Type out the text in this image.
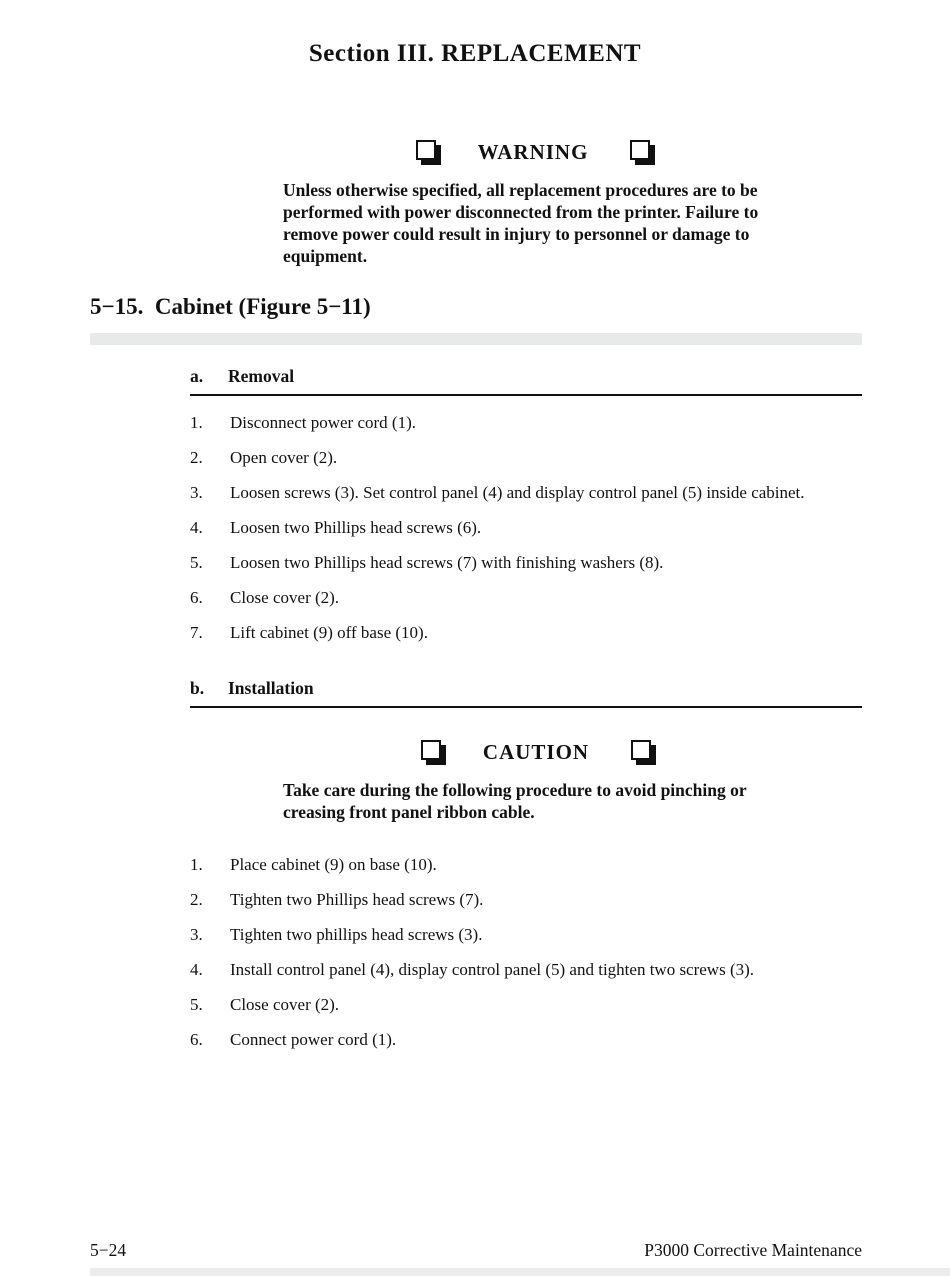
Section III. REPLACEMENT
WARNING
Unless otherwise specified, all replacement procedures are to be performed with power disconnected from the printer. Failure to remove power could result in injury to personnel or damage to equipment.
5−15.  Cabinet (Figure 5−11)
a. Removal
1.	Disconnect power cord (1).
2.	Open cover (2).
3.	Loosen screws (3). Set control panel (4) and display control panel (5) inside cabinet.
4.	Loosen two Phillips head screws (6).
5.	Loosen two Phillips head screws (7) with finishing washers (8).
6.	Close cover (2).
7.	Lift cabinet (9) off base (10).
b. Installation
CAUTION
Take care during the following procedure to avoid pinching or creasing front panel ribbon cable.
1.	Place cabinet (9) on base (10).
2.	Tighten two Phillips head screws (7).
3.	Tighten two phillips head screws (3).
4.	Install control panel (4), display control panel (5) and tighten two screws (3).
5.	Close cover (2).
6.	Connect power cord (1).
5−24	P3000 Corrective Maintenance
